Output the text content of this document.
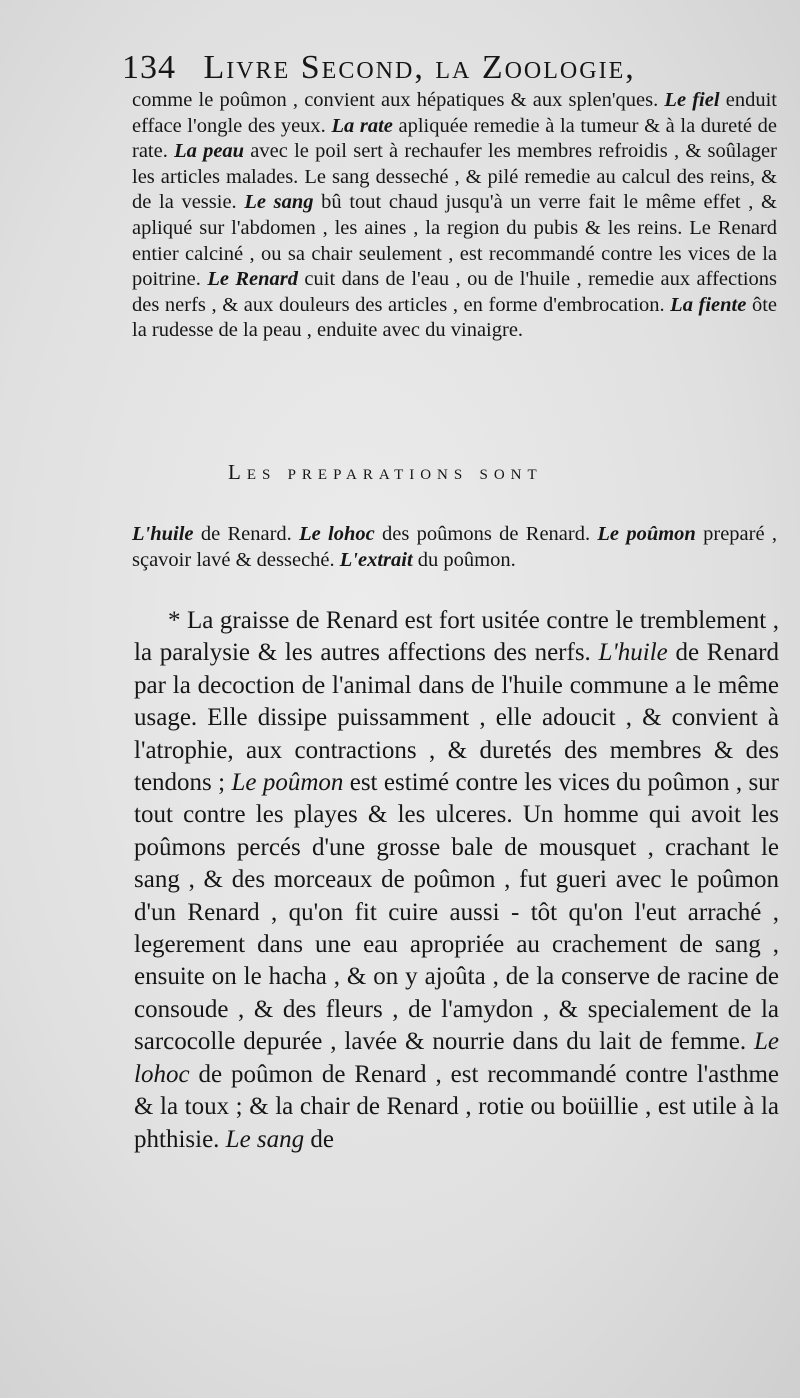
134 Livre Second, la Zoologie,

comme le poûmon , convient aux hépatiques & aux splen'ques. Le fiel enduit efface l'ongle des yeux. La rate apliquée remedie à la tumeur & à la dureté de rate. La peau avec le poil sert à rechaufer les membres refroidis , & soûlager les articles malades. Le sang desseché , & pilé remedie au calcul des reins, & de la vessie. Le sang bû tout chaud jusqu'à un verre fait le même effet , & apliqué sur l'abdomen , les aines , la region du pubis & les reins. Le Renard entier calciné , ou sa chair seulement , est recommandé contre les vices de la poitrine. Le Renard cuit dans de l'eau , ou de l'huile , remedie aux affections des nerfs , & aux douleurs des articles , en forme d'embrocation. La fiente ôte la rudesse de la peau , enduite avec du vinaigre.

Les preparations sont

L'huile de Renard. Le lohoc des poûmons de Renard. Le poûmon preparé , sçavoir lavé & desseché. L'extrait du poûmon.

* La graisse de Renard est fort usitée contre le tremblement , la paralysie & les autres affections des nerfs. L'huile de Renard par la decoction de l'animal dans de l'huile commune a le même usage. Elle dissipe puissamment , elle adoucit , & convient à l'atrophie, aux contractions , & duretés des membres & des tendons ; Le poûmon est estimé contre les vices du poûmon , sur tout contre les playes & les ulceres. Un homme qui avoit les poûmons percés d'une grosse bale de mousquet , crachant le sang , & des morceaux de poûmon , fut gueri avec le poûmon d'un Renard , qu'on fit cuire aussi - tôt qu'on l'eut arraché , legerement dans une eau apropriée au crachement de sang , ensuite on le hacha , & on y ajoûta , de la conserve de racine de consoude , & des fleurs , de l'amydon , & specialement de la sarcocolle depurée , lavée & nourrie dans du lait de femme. Le lohoc de poûmon de Renard , est recommandé contre l'asthme & la toux ; & la chair de Renard , rotie ou boüillie , est utile à la phthisie. Le sang de
